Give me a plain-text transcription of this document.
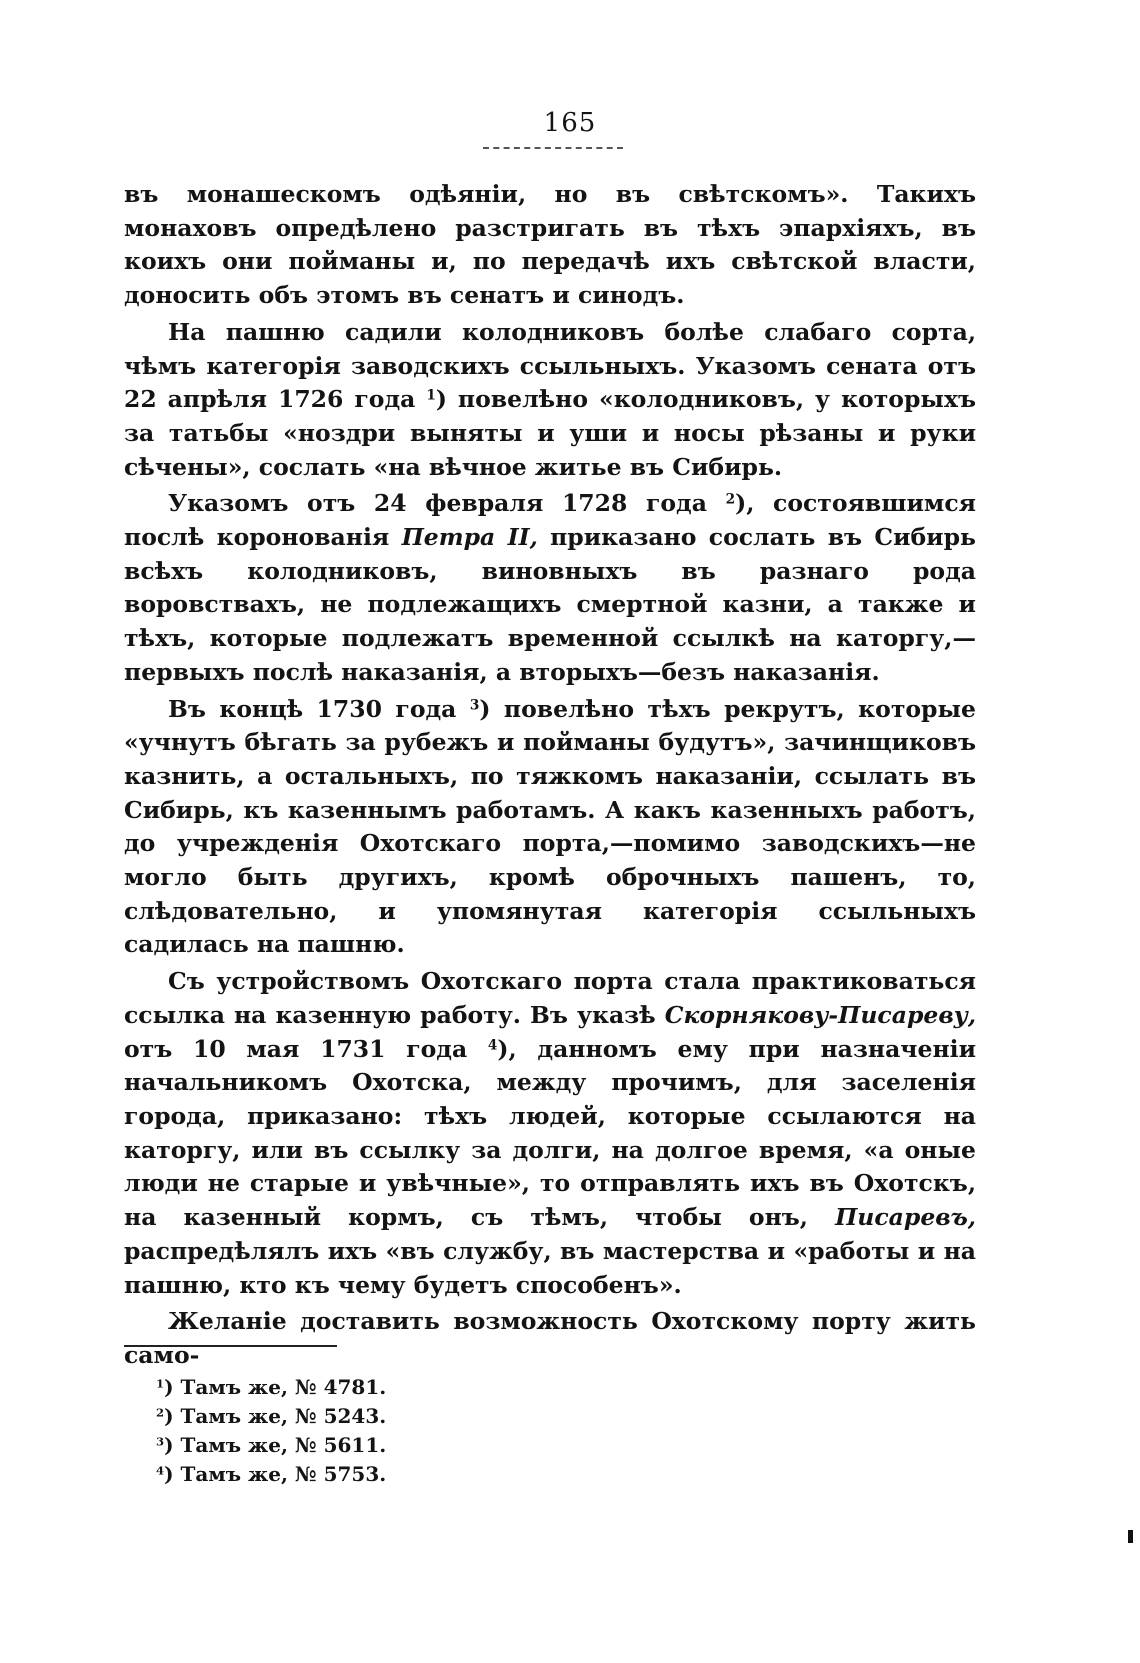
165

въ монашескомъ одѣяніи, но въ свѣтскомъ». Такихъ монаховъ опредѣлено разстригать въ тѣхъ эпархіяхъ, въ коихъ они пойманы и, по передачѣ ихъ свѣтской власти, доносить объ этомъ въ сенатъ и синодъ.

На пашню садили колодниковъ болѣе слабаго сорта, чѣмъ категорія заводскихъ ссыльныхъ. Указомъ сената отъ 22 апрѣля 1726 года $^1$) повелѣно «колодниковъ, у которыхъ за татьбы «ноздри выняты и уши и носы рѣзаны и руки сѣчены», сослать «на вѣчное житье въ Сибирь.

Указомъ отъ 24 февраля 1728 года $^2$), состоявшимся послѣ коронованія Петра II, приказано сослать въ Сибирь всѣхъ колодниковъ, виновныхъ въ разнаго рода воровствахъ, не подлежащихъ смертной казни, а также и тѣхъ, которые подлежатъ временной ссылкѣ на каторгу,—первыхъ послѣ наказанія, а вторыхъ—безъ наказанія.

Въ концѣ 1730 года $^3$) повелѣно тѣхъ рекрутъ, которые «учнутъ бѣгать за рубежъ и пойманы будутъ», зачинщиковъ казнить, а остальныхъ, по тяжкомъ наказаніи, ссылать въ Сибирь, къ казеннымъ работамъ. А какъ казенныхъ работъ, до учрежденія Охотскаго порта,—помимо заводскихъ—не могло быть другихъ, кромѣ оброчныхъ пашенъ, то, слѣдовательно, и упомянутая категорія ссыльныхъ садилась на пашню.

Съ устройствомъ Охотскаго порта стала практиковаться ссылка на казенную работу. Въ указѣ Скорнякову-Писареву, отъ 10 мая 1731 года $^4$), данномъ ему при назначеніи начальникомъ Охотска, между прочимъ, для заселенія города, приказано: тѣхъ людей, которые ссылаются на каторгу, или въ ссылку за долги, на долгое время, «а оные люди не старые и увѣчные», то отправлять ихъ въ Охотскъ, на казенный кормъ, съ тѣмъ, чтобы онъ, Писаревъ, распредѣлялъ ихъ «въ службу, въ мастерства и «работы и на пашню, кто къ чему будетъ способенъ».

Желаніе доставить возможность Охотскому порту жить само-

$^1$) Тамъ же, № 4781.
$^2$) Тамъ же, № 5243.
$^3$) Тамъ же, № 5611.
$^4$) Тамъ же, № 5753.
